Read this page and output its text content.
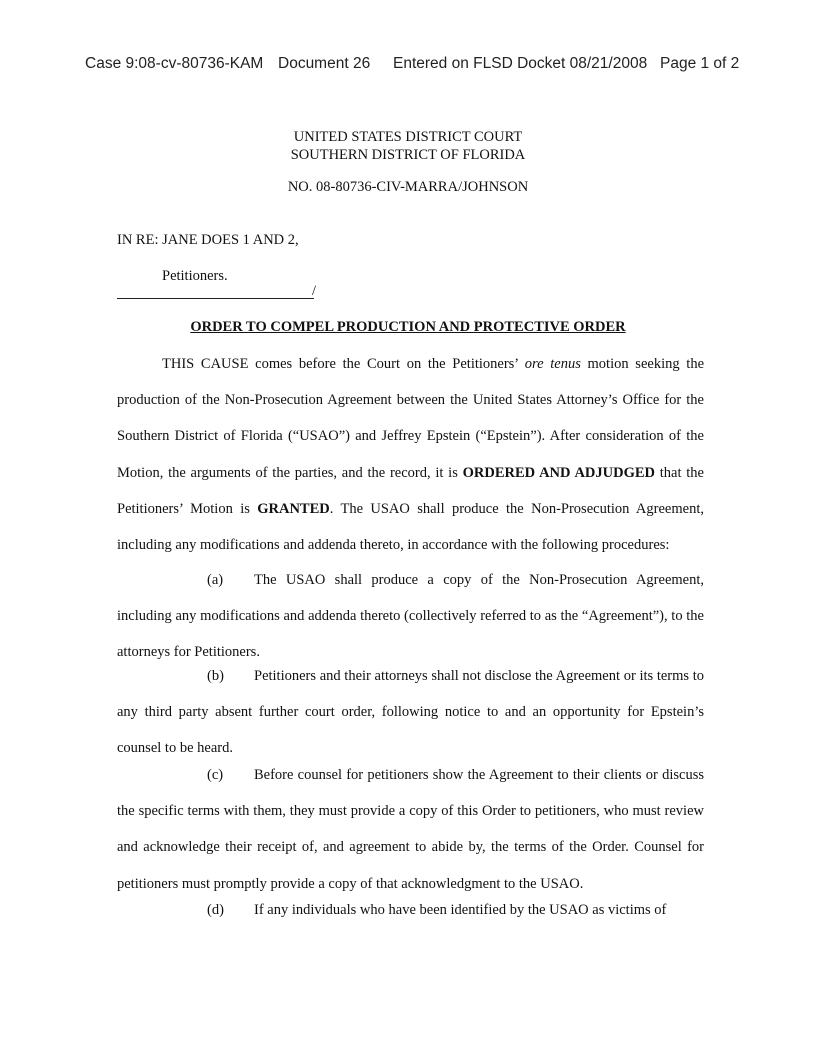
Case 9:08-cv-80736-KAM Document 26 Entered on FLSD Docket 08/21/2008 Page 1 of 2
UNITED STATES DISTRICT COURT
SOUTHERN DISTRICT OF FLORIDA
NO. 08-80736-CIV-MARRA/JOHNSON
IN RE: JANE DOES 1 AND 2,
Petitioners.
/
ORDER TO COMPEL PRODUCTION AND PROTECTIVE ORDER
THIS CAUSE comes before the Court on the Petitioners’ ore tenus motion seeking the production of the Non-Prosecution Agreement between the United States Attorney’s Office for the Southern District of Florida (“USAO”) and Jeffrey Epstein (“Epstein”). After consideration of the Motion, the arguments of the parties, and the record, it is ORDERED AND ADJUDGED that the Petitioners’ Motion is GRANTED. The USAO shall produce the Non-Prosecution Agreement, including any modifications and addenda thereto, in accordance with the following procedures:
(a) The USAO shall produce a copy of the Non-Prosecution Agreement, including any modifications and addenda thereto (collectively referred to as the “Agreement”), to the attorneys for Petitioners.
(b) Petitioners and their attorneys shall not disclose the Agreement or its terms to any third party absent further court order, following notice to and an opportunity for Epstein’s counsel to be heard.
(c) Before counsel for petitioners show the Agreement to their clients or discuss the specific terms with them, they must provide a copy of this Order to petitioners, who must review and acknowledge their receipt of, and agreement to abide by, the terms of the Order. Counsel for petitioners must promptly provide a copy of that acknowledgment to the USAO.
(d) If any individuals who have been identified by the USAO as victims of
